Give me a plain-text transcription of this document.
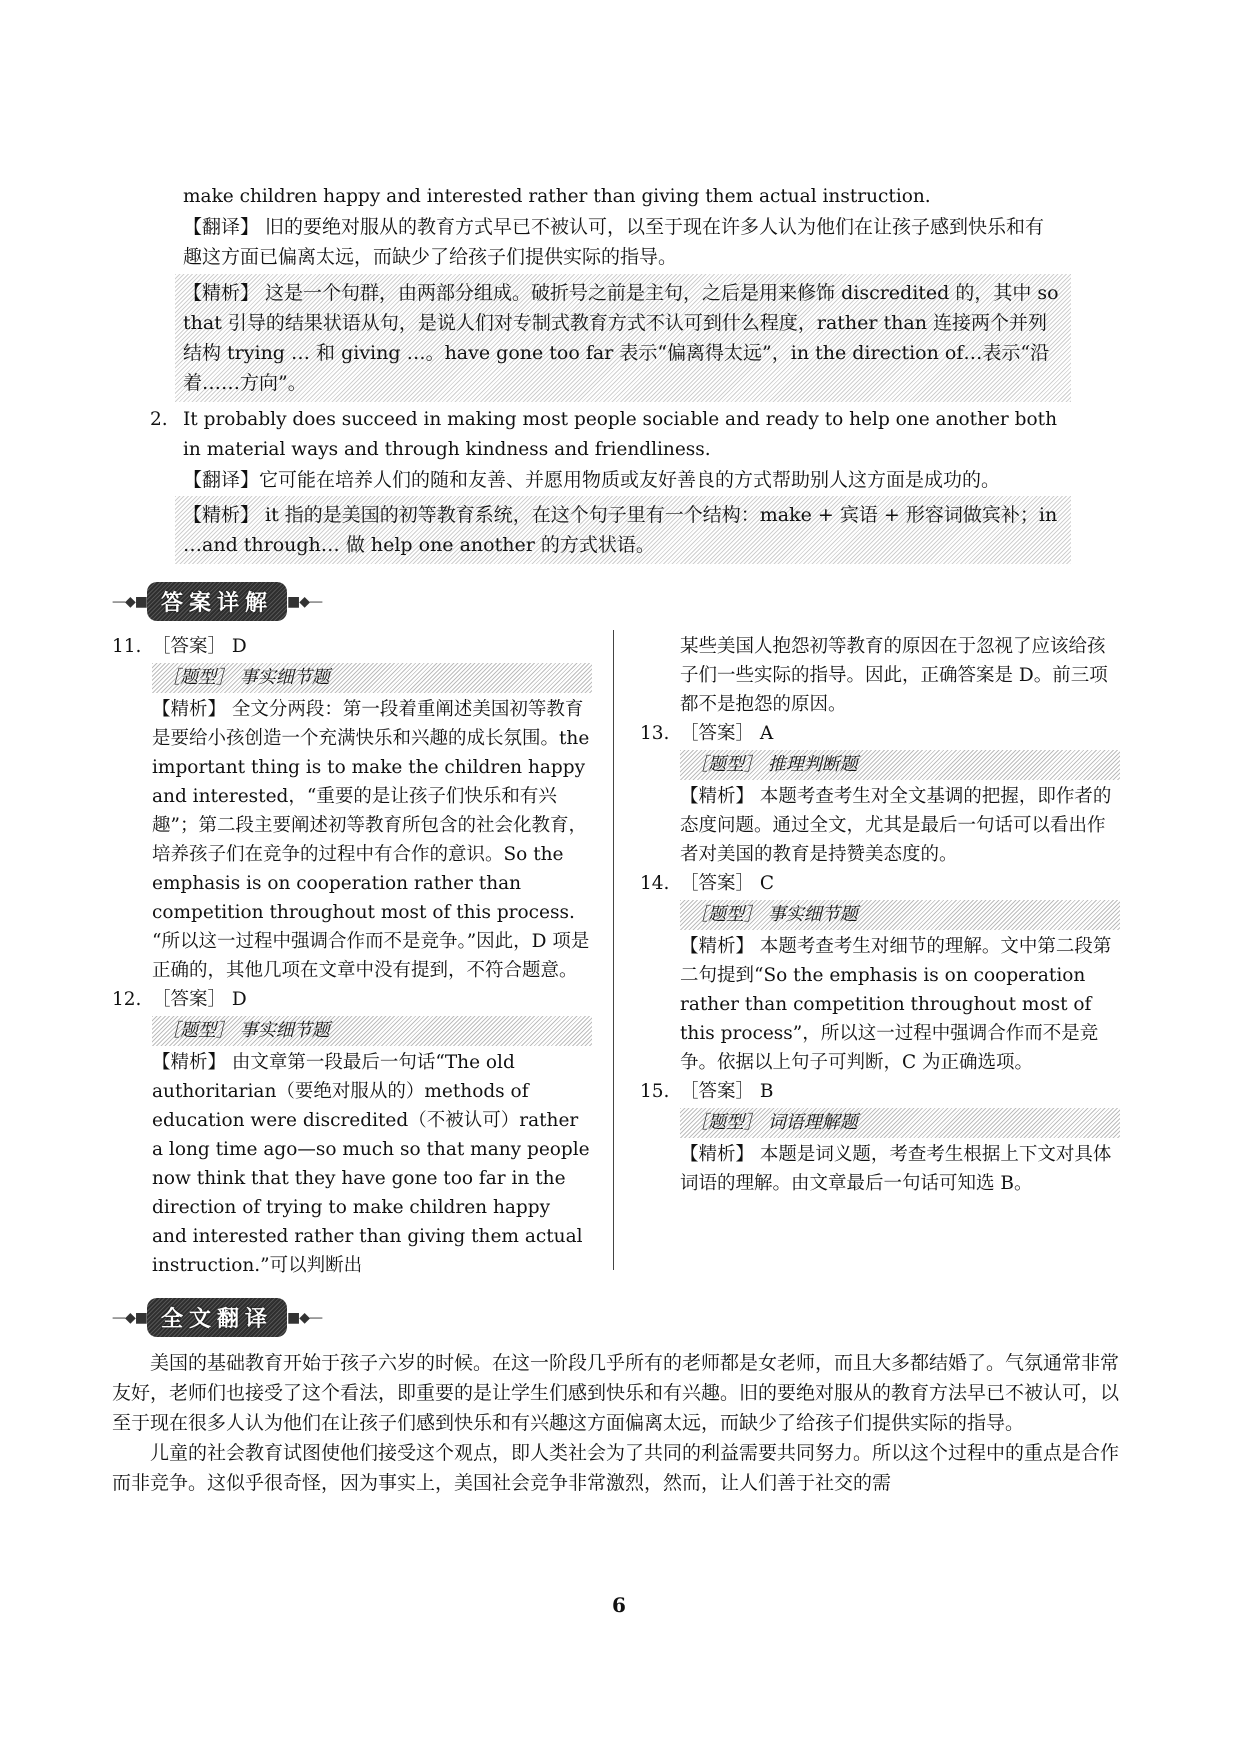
make children happy and interested rather than giving them actual instruction.
【翻译】 旧的要绝对服从的教育方式早已不被认可，以至于现在许多人认为他们在让孩子感到快乐和有趣这方面已偏离太远，而缺少了给孩子们提供实际的指导。
【精析】 这是一个句群，由两部分组成。破折号之前是主句，之后是用来修饰 discredited 的，其中 so that 引导的结果状语从句，是说人们对专制式教育方式不认可到什么程度，rather than 连接两个并列结构 trying … 和 giving …。have gone too far 表示“偏离得太远”，in the direction of…表示“沿着……方向”。
2. It probably does succeed in making most people sociable and ready to help one another both in material ways and through kindness and friendliness.
【翻译】它可能在培养人们的随和友善、并愿用物质或友好善良的方式帮助别人这方面是成功的。
【精析】 it 指的是美国的初等教育系统，在这个句子里有一个结构：make + 宾语 + 形容词做宾补；in …and through… 做 help one another 的方式状语。
—◆■ 答案详解	■◆—
11. ［答案］ D
［题型］ 事实细节题

【精析】 全文分两段：第一段着重阐述美国初等教育是要给小孩创造一个充满快乐和兴趣的成长氛围。the important thing is to make the children happy and interested，“重要的是让孩子们快乐和有兴趣”；第二段主要阐述初等教育所包含的社会化教育，培养孩子们在竞争的过程中有合作的意识。So the emphasis is on cooperation rather than competition throughout most of this process. “所以这一过程中强调合作而不是竞争。”因此，D 项是正确的，其他几项在文章中没有提到，不符合题意。

12. ［答案］ D
［题型］ 事实细节题

【精析】 由文章第一段最后一句话“The old authoritarian（要绝对服从的）methods of education were discredited（不被认可）rather a long time ago—so much so that many people now think that they have gone too far in the direction of trying to make children happy and interested rather than giving them actual instruction.”可以判断出

某些美国人抱怨初等教育的原因在于忽视了应该给孩子们一些实际的指导。因此，正确答案是 D。前三项都不是抱怨的原因。

13. ［答案］ A
［题型］ 推理判断题

【精析】 本题考查考生对全文基调的把握，即作者的态度问题。通过全文，尤其是最后一句话可以看出作者对美国的教育是持赞美态度的。

14. ［答案］ C
［题型］ 事实细节题

【精析】 本题考查考生对细节的理解。文中第二段第二句提到“So the emphasis is on cooperation rather than competition throughout most of this process”，所以这一过程中强调合作而不是竞争。依据以上句子可判断，C 为正确选项。

15. ［答案］ B
［题型］ 词语理解题

【精析】 本题是词义题，考查考生根据上下文对具体词语的理解。由文章最后一句话可知选 B。

—◆■ 全文翻译	■◆—

美国的基础教育开始于孩子六岁的时候。在这一阶段几乎所有的老师都是女老师，而且大多都结婚了。气氛通常非常友好，老师们也接受了这个看法，即重要的是让学生们感到快乐和有兴趣。旧的要绝对服从的教育方法早已不被认可，以至于现在很多人认为他们在让孩子们感到快乐和有兴趣这方面偏离太远，而缺少了给孩子们提供实际的指导。

儿童的社会教育试图使他们接受这个观点，即人类社会为了共同的利益需要共同努力。所以这个过程中的重点是合作而非竞争。这似乎很奇怪，因为事实上，美国社会竞争非常激烈，然而，让人们善于社交的需

6
